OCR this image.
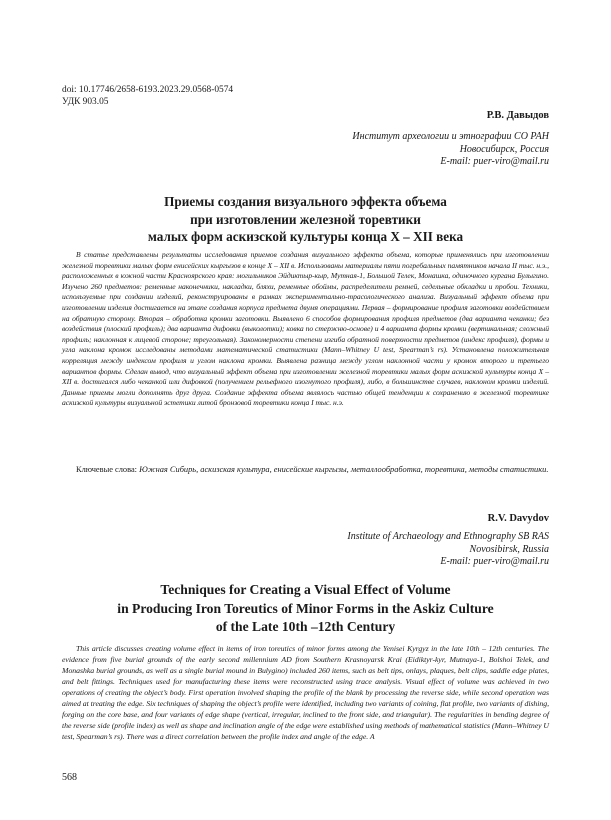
doi: 10.17746/2658-6193.2023.29.0568-0574
УДК 903.05
Р.В. Давыдов
Институт археологии и этнографии СО РАН
Новосибирск, Россия
E-mail: puer-viro@mail.ru
Приемы создания визуального эффекта объема
при изготовлении железной торевтики
малых форм аскизской культуры конца X – XII века
В статье представлены результаты исследования приемов создания визуального эффекта объема, которые применялись при изготовлении железной торевтики малых форм енисейских кыргызов в конце X – XII в. Использованы материалы пяти погребальных памятников начала II тыс. н.э., расположенных в южной части Красноярского края: могильников Эйдиктыр-кыр, Мутная-1, Большой Телек, Монашка, одиночного кургана Булыгино. Изучено 260 предметов: ременные наконечники, накладки, бляхи, ременные обоймы, распределители ремней, седельные обкладки и пробои. Техники, используемые при создании изделий, реконструированы в рамках экспериментально-трасологического анализа. Визуальный эффект объема при изготовлении изделия достигается на этапе создания корпуса предмета двумя операциями. Первая – формирование профиля заготовки воздействием на обратную сторону. Вторая – обработка кромки заготовки. Выявлено 6 способов формирования профиля предметов (два варианта чеканки; без воздействия (плоский профиль); два варианта дифовки (выколотки); ковка по стержню-основе) и 4 варианта формы кромки (вертикальная; сложный профиль; наклонная к лицевой стороне; треугольная). Закономерности степени изгиба обратной поверхности предметов (индекс профиля), формы и угла наклона кромок исследованы методами математической статистики (Mann–Whitney U test, Spearman’s rs). Установлена положительная корреляция между индексом профиля и углом наклона кромки. Выявлена разница между углом наклонной части у кромок второго и третьего вариантов формы. Сделан вывод, что визуальный эффект объема при изготовлении железной торевтики малых форм аскизской культуры конца X – XII в. достигался либо чеканкой или дифовкой (получением рельефного изогнутого профиля), либо, в большинстве случаев, наклоном кромки изделий. Данные приемы могли дополнять друг друга. Создание эффекта объема являлось частью общей тенденции к сохранению в железной торевтике аскизской культуры визуальной эстетики литой бронзовой торевтики конца I тыс. н.э.
Ключевые слова: Южная Сибирь, аскизская культура, енисейские кыргызы, металлообработка, торевтика, методы статистики.
R.V. Davydov
Institute of Archaeology and Ethnography SB RAS
Novosibirsk, Russia
E-mail: puer-viro@mail.ru
Techniques for Creating a Visual Effect of Volume
in Producing Iron Toreutics of Minor Forms in the Askiz Culture
of the Late 10th –12th Century
This article discusses creating volume effect in items of iron toreutics of minor forms among the Yenisei Kyrgyz in the late 10th – 12th centuries. The evidence from five burial grounds of the early second millennium AD from Southern Krasnoyarsk Krai (Eidiktyr-kyr, Mutnaya-1, Bolshoi Telek, and Monashka burial grounds, as well as a single burial mound in Bulygino) included 260 items, such as belt tips, onlays, plaques, belt clips, saddle edge plates, and belt fittings. Techniques used for manufacturing these items were reconstructed using trace analysis. Visual effect of volume was achieved in two operations of creating the object’s body. First operation involved shaping the profile of the blank by processing the reverse side, while second operation was aimed at treating the edge. Six techniques of shaping the object’s profile were identified, including two variants of coining, flat profile, two variants of dishing, forging on the core base, and four variants of edge shape (vertical, irregular, inclined to the front side, and triangular). The regularities in bending degree of the reverse side (profile index) as well as shape and inclination angle of the edge were established using methods of mathematical statistics (Mann–Whitney U test, Spearman’s rs). There was a direct correlation between the profile index and angle of the edge. A
568
